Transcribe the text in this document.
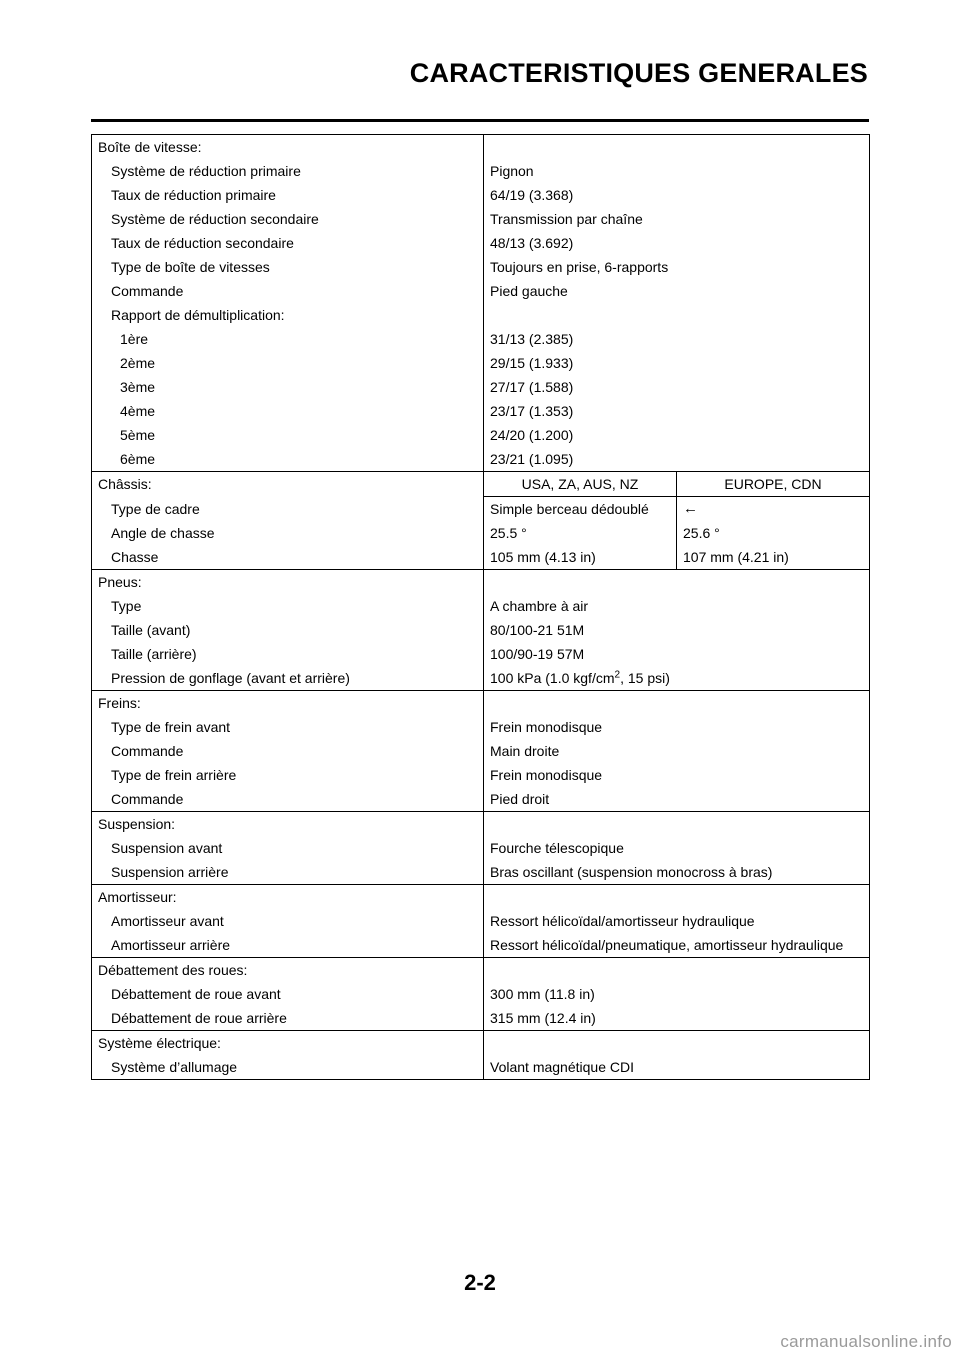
CARACTERISTIQUES GENERALES
Boîte de vitesse:		
Système de réduction primaire	Pignon	
Taux de réduction primaire	64/19 (3.368)	
Système de réduction secondaire	Transmission par chaîne	
Taux de réduction secondaire	48/13 (3.692)	
Type de boîte de vitesses	Toujours en prise, 6-rapports	
Commande	Pied gauche	
Rapport de démultiplication:		
1ère	31/13 (2.385)	
2ème	29/15 (1.933)	
3ème	27/17 (1.588)	
4ème	23/17 (1.353)	
5ème	24/20 (1.200)	
6ème	23/21 (1.095)	
Châssis:	USA, ZA, AUS, NZ	EUROPE, CDN
Type de cadre	Simple berceau dédoublé	←
Angle de chasse	25.5 °	25.6 °
Chasse	105 mm (4.13 in)	107 mm (4.21 in)
Pneus:		
Type	A chambre à air	
Taille (avant)	80/100-21 51M	
Taille (arrière)	100/90-19 57M	
Pression de gonflage (avant et arrière)	100 kPa (1.0 kgf/$cm^2$, 15 psi)	
Freins:		
Type de frein avant	Frein monodisque	
Commande	Main droite	
Type de frein arrière	Frein monodisque	
Commande	Pied droit	
Suspension:		
Suspension avant	Fourche télescopique	
Suspension arrière	Bras oscillant (suspension monocross à bras)	
Amortisseur:		
Amortisseur avant	Ressort hélicoïdal/amortisseur hydraulique	
Amortisseur arrière	Ressort hélicoïdal/pneumatique, amortisseur hydraulique	
Débattement des roues:		
Débattement de roue avant	300 mm (11.8 in)	
Débattement de roue arrière	315 mm (12.4 in)	
Système électrique:		
Système d’allumage	Volant magnétique CDI	
2-2
carmanualsonline.info
